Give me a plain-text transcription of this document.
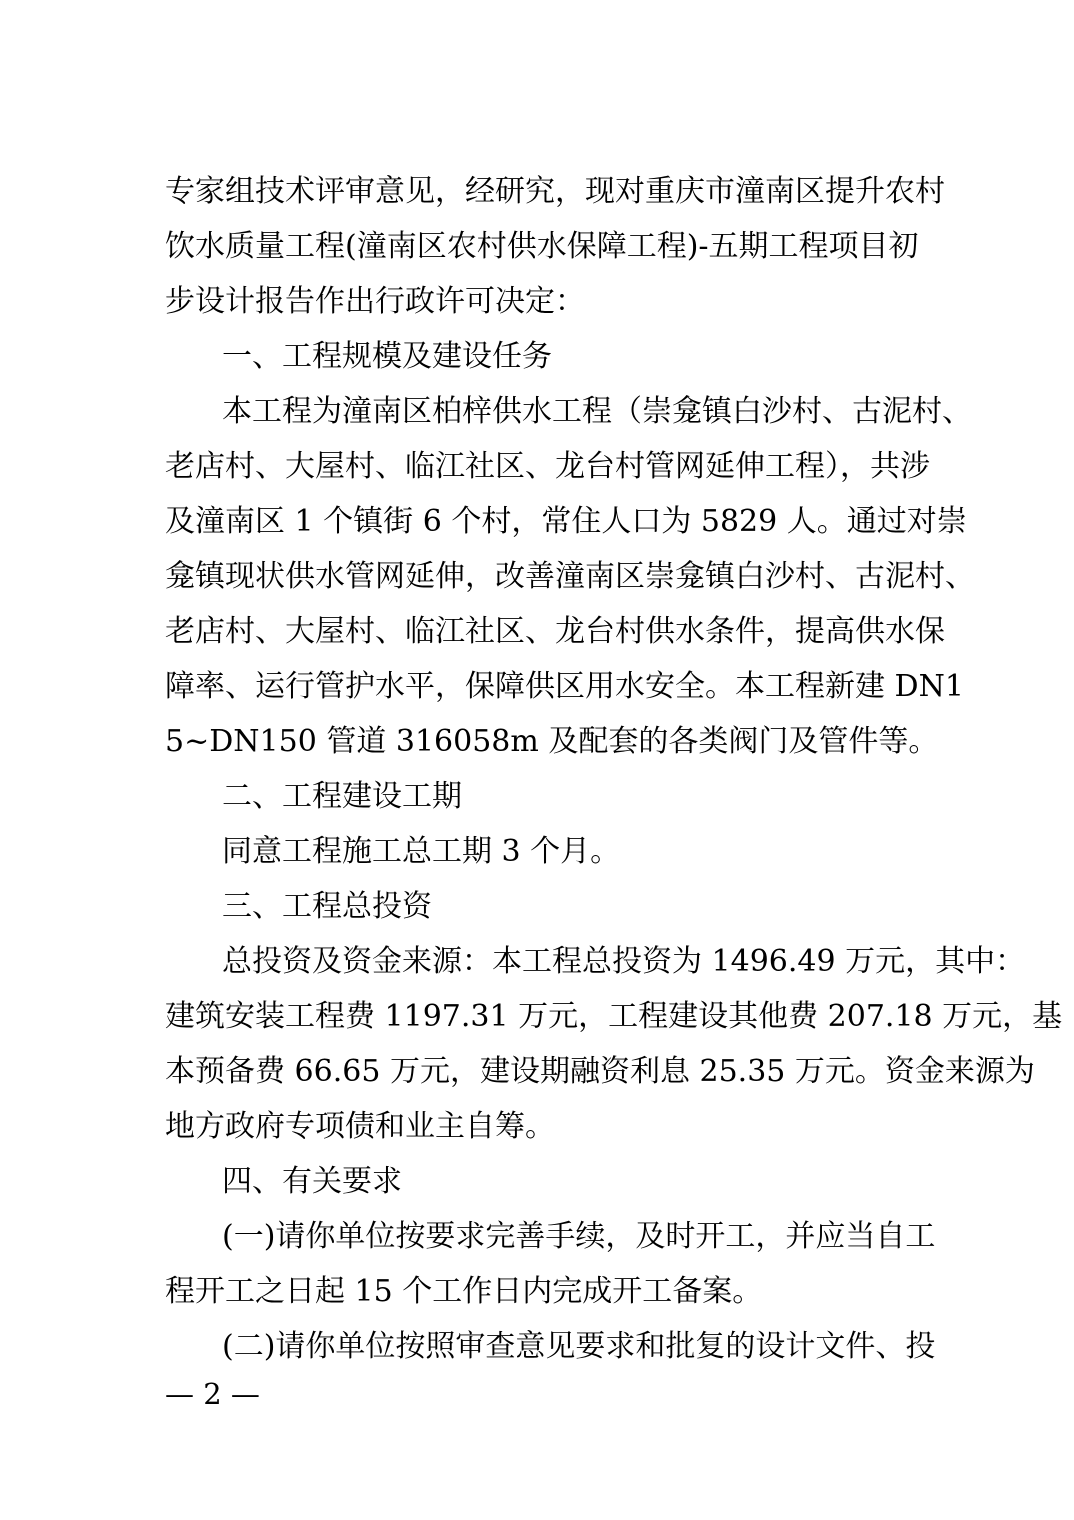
专家组技术评审意见，经研究，现对重庆市潼南区提升农村
饮水质量工程(潼南区农村供水保障工程)-五期工程项目初
步设计报告作出行政许可决定：
一、工程规模及建设任务
本工程为潼南区柏梓供水工程（崇龛镇白沙村、古泥村、
老店村、大屋村、临江社区、龙台村管网延伸工程），共涉
及潼南区 1 个镇街 6 个村，常住人口为 5829 人。通过对崇
龛镇现状供水管网延伸，改善潼南区崇龛镇白沙村、古泥村、
老店村、大屋村、临江社区、龙台村供水条件，提高供水保
障率、运行管护水平，保障供区用水安全。本工程新建 DN1
5~DN150 管道 316058m 及配套的各类阀门及管件等。
二、工程建设工期
同意工程施工总工期 3 个月。
三、工程总投资
总投资及资金来源：本工程总投资为 1496.49 万元，其中：
建筑安装工程费 1197.31 万元，工程建设其他费 207.18 万元，基
本预备费 66.65 万元，建设期融资利息 25.35 万元。资金来源为
地方政府专项债和业主自筹。
四、有关要求
(一)请你单位按要求完善手续，及时开工，并应当自工
程开工之日起 15 个工作日内完成开工备案。
(二)请你单位按照审查意见要求和批复的设计文件、投
— 2 —
